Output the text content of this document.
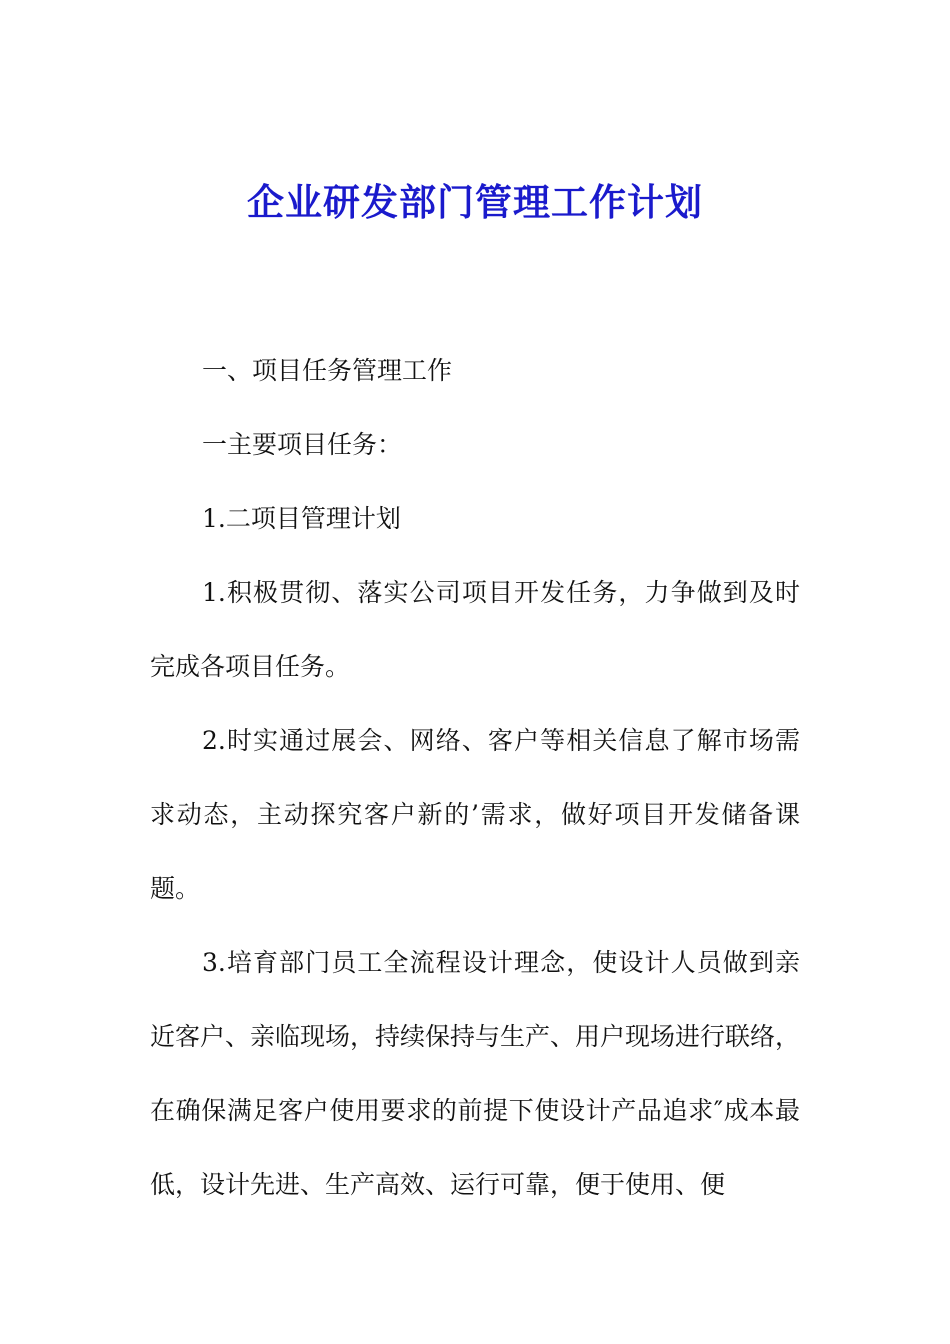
企业研发部门管理工作计划

一、项目任务管理工作

一主要项目任务：

1.二项目管理计划

1.积极贯彻、落实公司项目开发任务，力争做到及时完成各项目任务。

2.时实通过展会、网络、客户等相关信息了解市场需求动态，主动探究客户新的’需求，做好项目开发储备课题。

3.培育部门员工全流程设计理念，使设计人员做到亲近客户、亲临现场，持续保持与生产、用户现场进行联络，在确保满足客户使用要求的前提下使设计产品追求″成本最低，设计先进、生产高效、运行可靠，便于使用、便
